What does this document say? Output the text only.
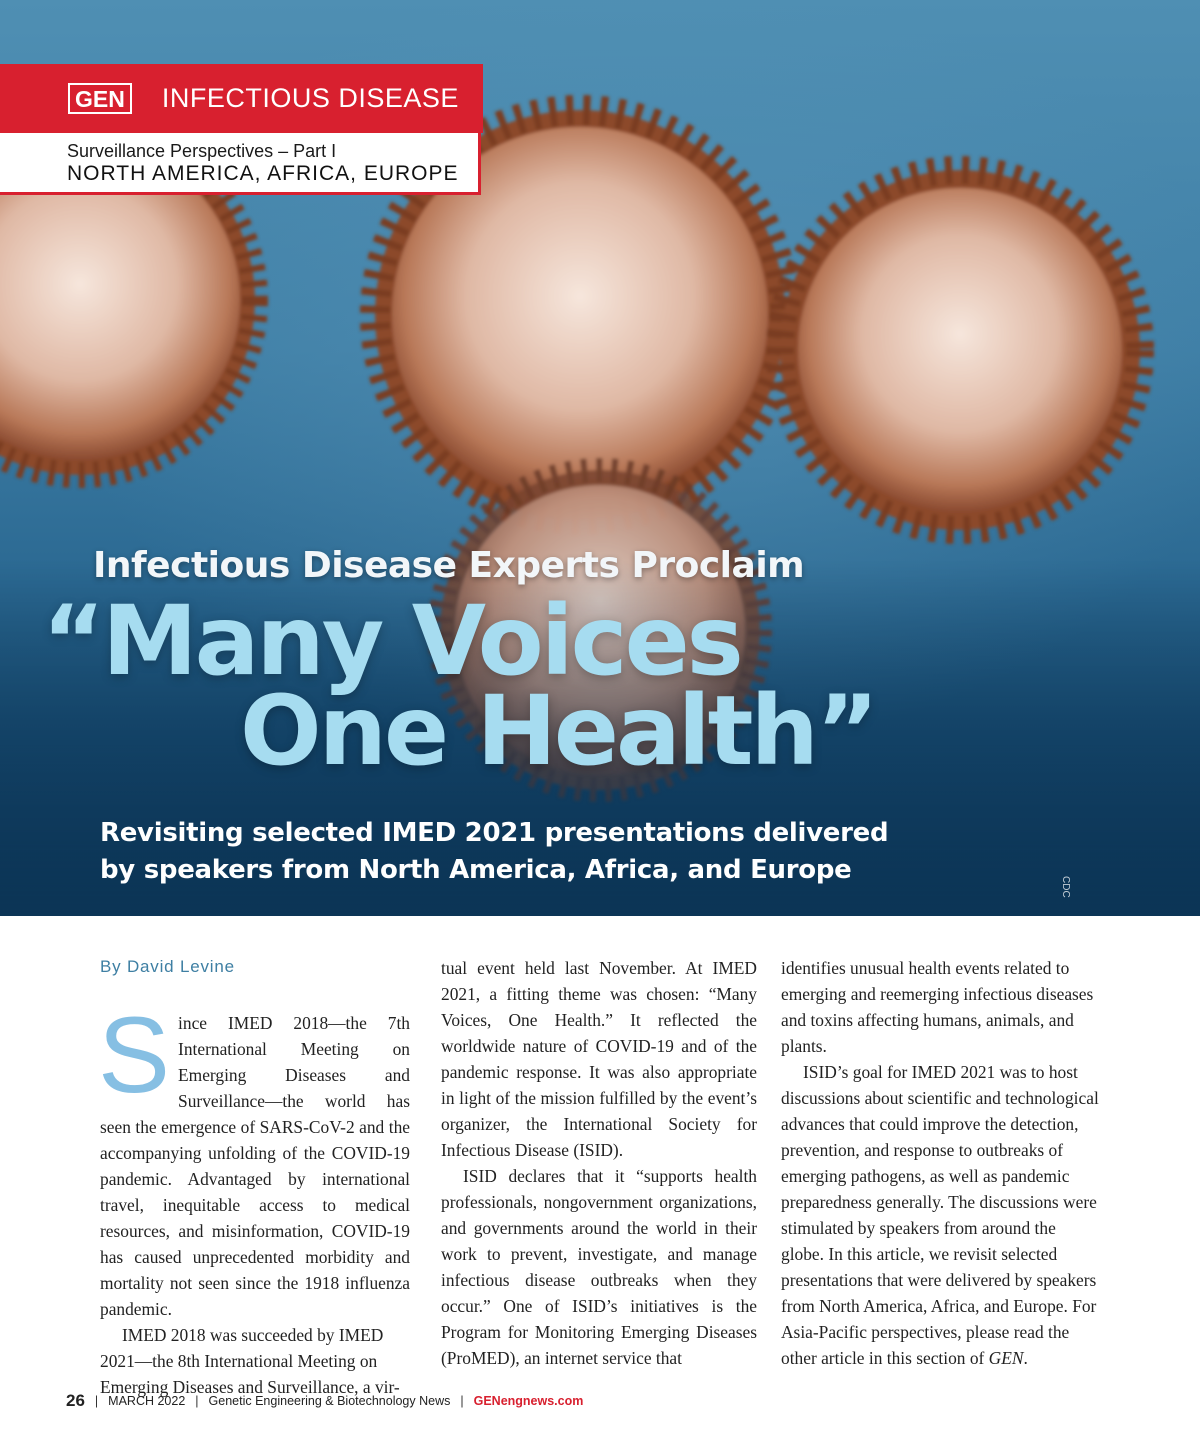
GEN INFECTIOUS DISEASE
Surveillance Perspectives – Part I
NORTH AMERICA, AFRICA, EUROPE
Infectious Disease Experts Proclaim
“Many Voices
One Health”
Revisiting selected IMED 2021 presentations delivered by speakers from North America, Africa, and Europe
CDC
By David Levine

S ince IMED 2018—the 7th International Meeting on Emerging Diseases and Surveillance—the world has seen the emergence of SARS-CoV-2 and the accompanying unfolding of the COVID-19 pandemic. Advantaged by international travel, inequitable access to medical resources, and misinformation, COVID-19 has caused unprecedented morbidity and mortality not seen since the 1918 influenza pandemic.

IMED 2018 was succeeded by IMED 2021—the 8th International Meeting on Emerging Diseases and Surveillance, a vir-

tual event held last November. At IMED 2021, a fitting theme was chosen: “Many Voices, One Health.” It reflected the worldwide nature of COVID-19 and of the pandemic response. It was also appropriate in light of the mission fulfilled by the event’s organizer, the International Society for Infectious Disease (ISID).

ISID declares that it “supports health professionals, nongovernment organizations, and governments around the world in their work to prevent, investigate, and manage infectious disease outbreaks when they occur.” One of ISID’s initiatives is the Program for Monitoring Emerging Diseases (ProMED), an internet service that

identifies unusual health events related to emerging and reemerging infectious diseases and toxins affecting humans, animals, and plants.

ISID’s goal for IMED 2021 was to host discussions about scientific and technological advances that could improve the detection, prevention, and response to outbreaks of emerging pathogens, as well as pandemic preparedness generally. The discussions were stimulated by speakers from around the globe. In this article, we revisit selected presentations that were delivered by speakers from North America, Africa, and Europe. For Asia-Pacific perspectives, please read the other article in this section of GEN.

26 | MARCH 2022 | Genetic Engineering & Biotechnology News | GENengnews.com
